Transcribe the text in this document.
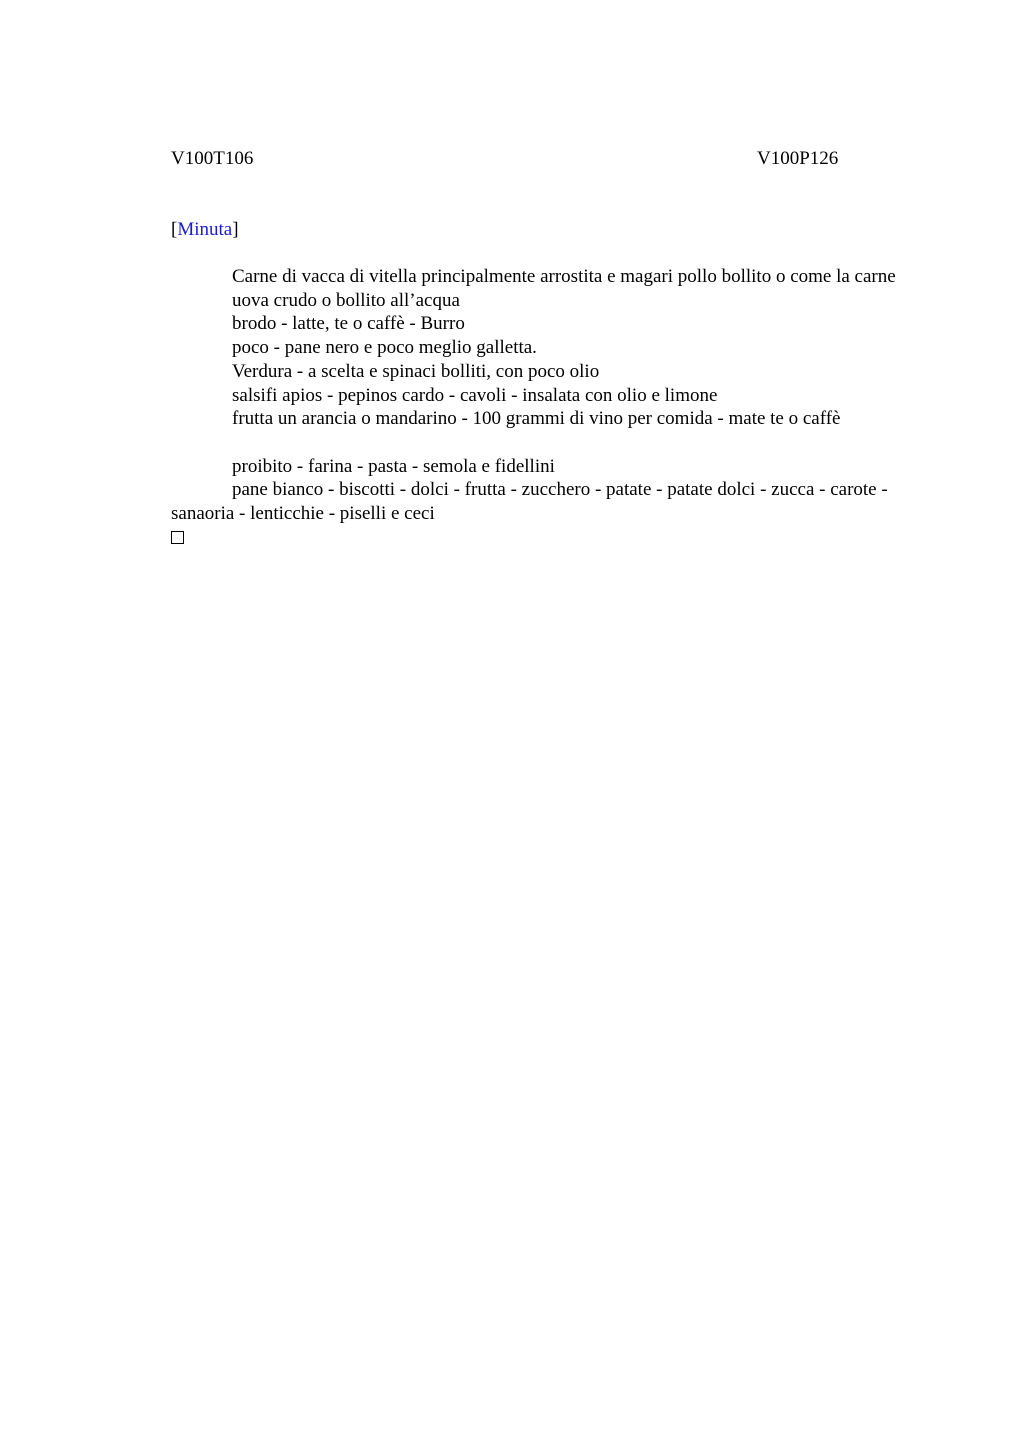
V100T106	V100P126
[Minuta]
Carne di vacca di vitella principalmente arrostita e magari pollo bollito o come la carne
uova crudo o bollito all’acqua
brodo - latte, te o caffè - Burro
poco - pane nero e poco meglio galletta.
Verdura - a scelta e spinaci bolliti, con poco olio
salsifi apios - pepinos cardo - cavoli - insalata con olio e limone
frutta un arancia o mandarino - 100 grammi di vino per comida - mate te o caffè
proibito - farina - pasta - semola e fidellini
pane bianco - biscotti - dolci - frutta - zucchero - patate - patate dolci - zucca - carote - sanaoria - lenticchie - piselli e ceci
